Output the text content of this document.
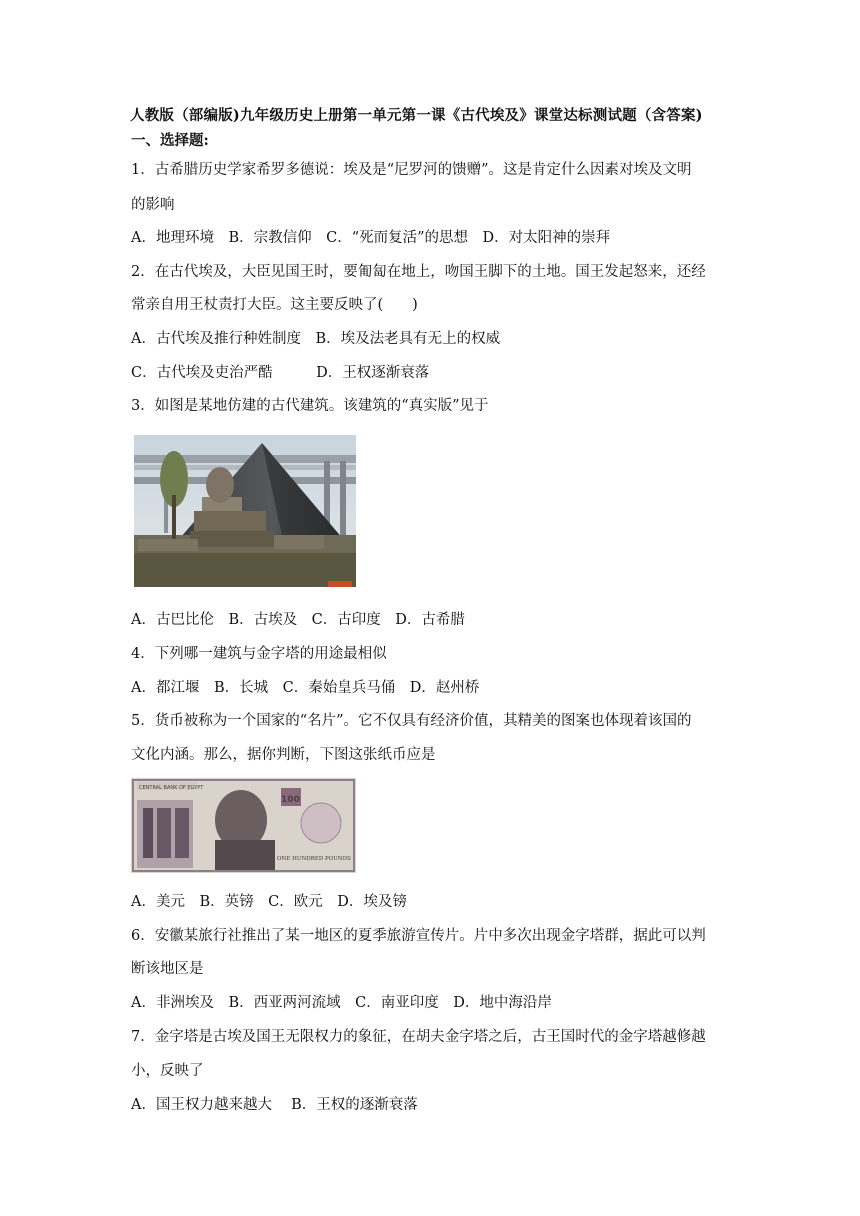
人教版（部编版)九年级历史上册第一单元第一课《古代埃及》课堂达标测试题（含答案)
一、选择题:
1．古希腊历史学家希罗多德说：埃及是“尼罗河的馈赠”。这是肯定什么因素对埃及文明
的影响
A．地理环境　B．宗教信仰　C．“死而复活”的思想　D．对太阳神的崇拜
2．在古代埃及，大臣见国王时，要匍匐在地上，吻国王脚下的土地。国王发起怒来，还经
常亲自用王杖责打大臣。这主要反映了(　　)
A．古代埃及推行种姓制度　B．埃及法老具有无上的权威
C．古代埃及吏治严酷　　　D．王权逐渐衰落
3．如图是某地仿建的古代建筑。该建筑的“真实版”见于
A．古巴比伦　B．古埃及　C．古印度　D．古希腊
4．下列哪一建筑与金字塔的用途最相似
A．都江堰　B．长城　C．秦始皇兵马俑　D．赵州桥
5．货币被称为一个国家的“名片”。它不仅具有经济价值，其精美的图案也体现着该国的
文化内涵。那么，据你判断，下图这张纸币应是
CENTRAL BANK OF EGYPT
100
ONE HUNDRED POUNDS
A．美元　B．英镑　C．欧元　D．埃及镑
6．安徽某旅行社推出了某一地区的夏季旅游宣传片。片中多次出现金字塔群，据此可以判
断该地区是
A．非洲埃及　B．西亚两河流域　C．南亚印度　D．地中海沿岸
7．金字塔是古埃及国王无限权力的象征，在胡夫金字塔之后，古王国时代的金字塔越修越
小，反映了
A．国王权力越来越大　 B．王权的逐渐衰落
